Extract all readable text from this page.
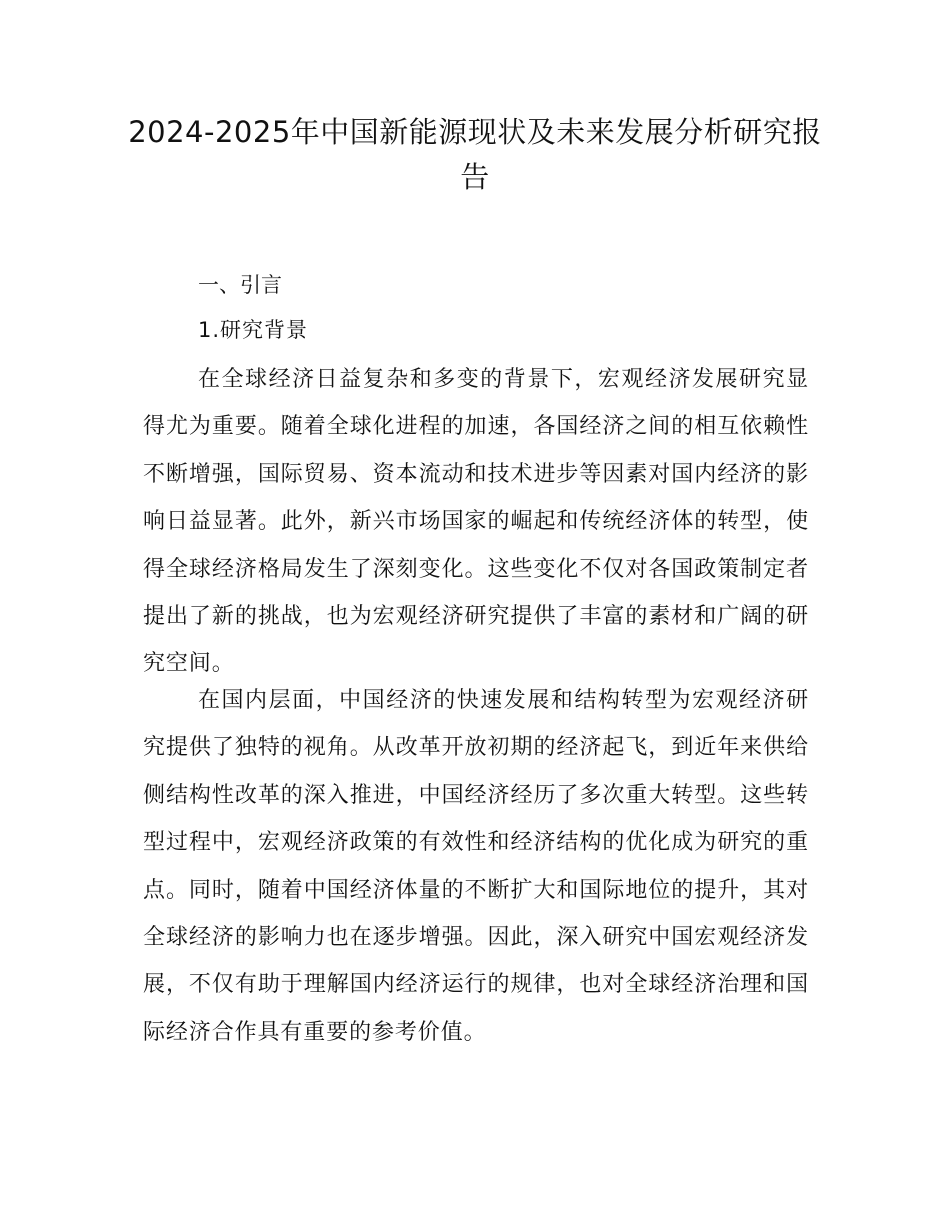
2024-2025年中国新能源现状及未来发展分析研究报告
一、引言
1.研究背景

在全球经济日益复杂和多变的背景下，宏观经济发展研究显得尤为重要。随着全球化进程的加速，各国经济之间的相互依赖性不断增强，国际贸易、资本流动和技术进步等因素对国内经济的影响日益显著。此外，新兴市场国家的崛起和传统经济体的转型，使得全球经济格局发生了深刻变化。这些变化不仅对各国政策制定者提出了新的挑战，也为宏观经济研究提供了丰富的素材和广阔的研究空间。

在国内层面，中国经济的快速发展和结构转型为宏观经济研究提供了独特的视角。从改革开放初期的经济起飞，到近年来供给侧结构性改革的深入推进，中国经济经历了多次重大转型。这些转型过程中，宏观经济政策的有效性和经济结构的优化成为研究的重点。同时，随着中国经济体量的不断扩大和国际地位的提升，其对全球经济的影响力也在逐步增强。因此，深入研究中国宏观经济发展，不仅有助于理解国内经济运行的规律，也对全球经济治理和国际经济合作具有重要的参考价值。
